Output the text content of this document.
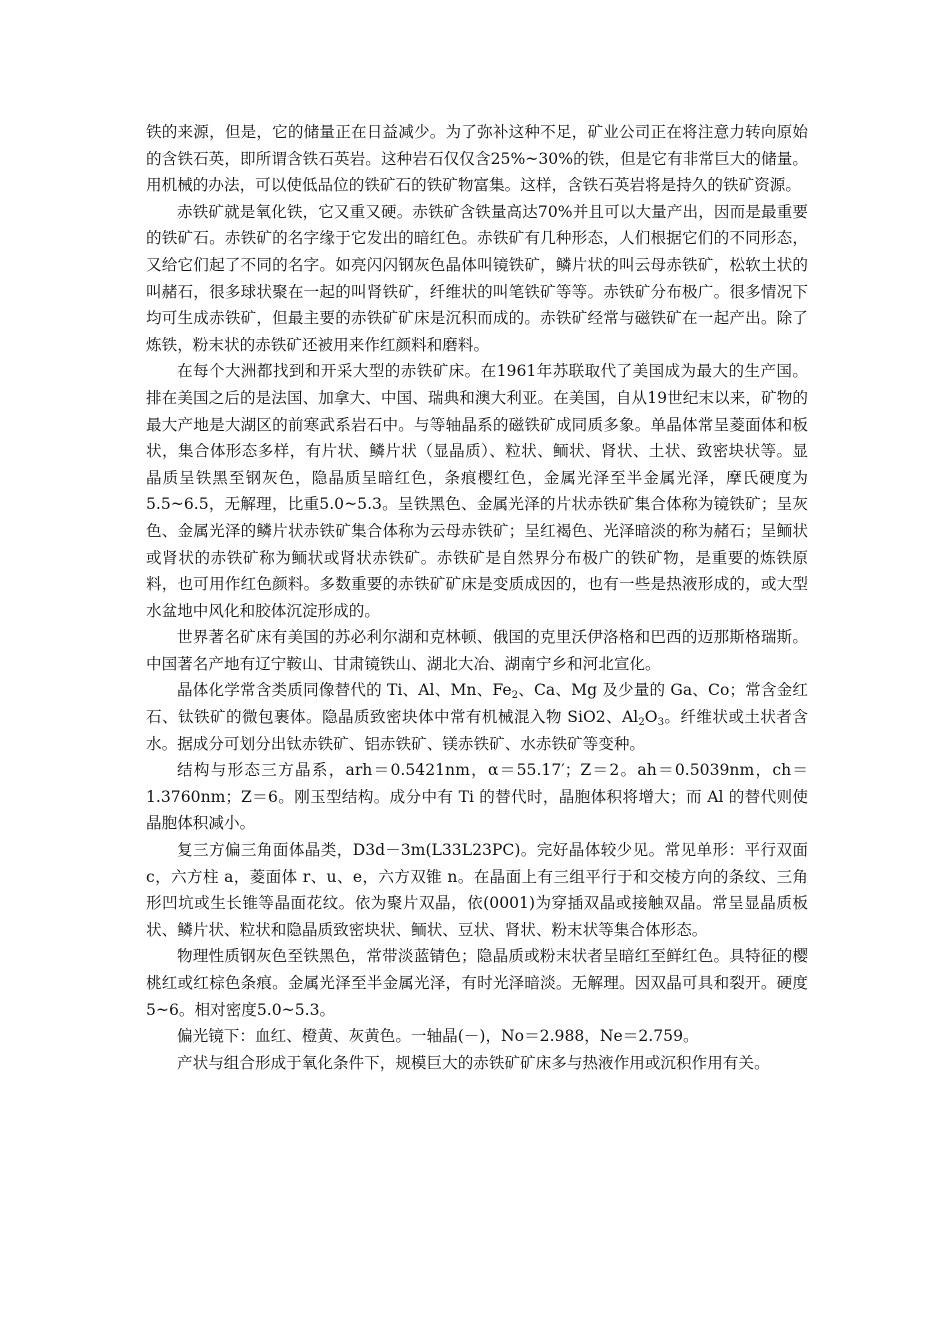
铁的来源，但是，它的储量正在日益减少。为了弥补这种不足，矿业公司正在将注意力转向原始的含铁石英，即所谓含铁石英岩。这种岩石仅仅含25%~30%的铁，但是它有非常巨大的储量。用机械的办法，可以使低品位的铁矿石的铁矿物富集。这样，含铁石英岩将是持久的铁矿资源。

赤铁矿就是氧化铁，它又重又硬。赤铁矿含铁量高达70%并且可以大量产出，因而是最重要的铁矿石。赤铁矿的名字缘于它发出的暗红色。赤铁矿有几种形态，人们根据它们的不同形态，又给它们起了不同的名字。如亮闪闪钢灰色晶体叫镜铁矿，鳞片状的叫云母赤铁矿，松软土状的叫赭石，很多球状聚在一起的叫肾铁矿，纤维状的叫笔铁矿等等。赤铁矿分布极广。很多情况下均可生成赤铁矿，但最主要的赤铁矿矿床是沉积而成的。赤铁矿经常与磁铁矿在一起产出。除了炼铁，粉末状的赤铁矿还被用来作红颜料和磨料。

在每个大洲都找到和开采大型的赤铁矿床。在1961年苏联取代了美国成为最大的生产国。排在美国之后的是法国、加拿大、中国、瑞典和澳大利亚。在美国，自从19世纪末以来，矿物的最大产地是大湖区的前寒武系岩石中。与等轴晶系的磁铁矿成同质多象。单晶体常呈菱面体和板状，集合体形态多样，有片状、鳞片状（显晶质）、粒状、鲕状、肾状、土状、致密块状等。显晶质呈铁黑至钢灰色，隐晶质呈暗红色，条痕樱红色，金属光泽至半金属光泽，摩氏硬度为5.5~6.5，无解理，比重5.0~5.3。呈铁黑色、金属光泽的片状赤铁矿集合体称为镜铁矿；呈灰色、金属光泽的鳞片状赤铁矿集合体称为云母赤铁矿；呈红褐色、光泽暗淡的称为赭石；呈鲕状或肾状的赤铁矿称为鲕状或肾状赤铁矿。赤铁矿是自然界分布极广的铁矿物，是重要的炼铁原料，也可用作红色颜料。多数重要的赤铁矿矿床是变质成因的，也有一些是热液形成的，或大型水盆地中风化和胶体沉淀形成的。

世界著名矿床有美国的苏必利尔湖和克林顿、俄国的克里沃伊洛格和巴西的迈那斯格瑞斯。中国著名产地有辽宁鞍山、甘肃镜铁山、湖北大冶、湖南宁乡和河北宣化。

晶体化学常含类质同像替代的 Ti、Al、Mn、$Fe_2$、Ca、Mg 及少量的 Ga、Co；常含金红石、钛铁矿的微包裹体。隐晶质致密块体中常有机械混入物 SiO2、$Al_2O_3$。纤维状或土状者含水。据成分可划分出钛赤铁矿、铝赤铁矿、镁赤铁矿、水赤铁矿等变种。

结构与形态三方晶系，arh＝0.5421nm，α＝55.17′；Z＝2。ah＝0.5039nm，ch＝1.3760nm；Z＝6。刚玉型结构。成分中有 Ti 的替代时，晶胞体积将增大；而 Al 的替代则使晶胞体积减小。

复三方偏三角面体晶类，D3d－3m(L33L23PC)。完好晶体较少见。常见单形：平行双面 c，六方柱 a，菱面体 r、u、e，六方双锥 n。在晶面上有三组平行于和交棱方向的条纹、三角形凹坑或生长锥等晶面花纹。依为聚片双晶，依(0001)为穿插双晶或接触双晶。常呈显晶质板状、鳞片状、粒状和隐晶质致密块状、鲕状、豆状、肾状、粉末状等集合体形态。

物理性质钢灰色至铁黑色，常带淡蓝锖色；隐晶质或粉末状者呈暗红至鲜红色。具特征的樱桃红或红棕色条痕。金属光泽至半金属光泽，有时光泽暗淡。无解理。因双晶可具和裂开。硬度5~6。相对密度5.0~5.3。

偏光镜下：血红、橙黄、灰黄色。一轴晶(－)，No＝2.988，Ne＝2.759。

产状与组合形成于氧化条件下，规模巨大的赤铁矿矿床多与热液作用或沉积作用有关。
